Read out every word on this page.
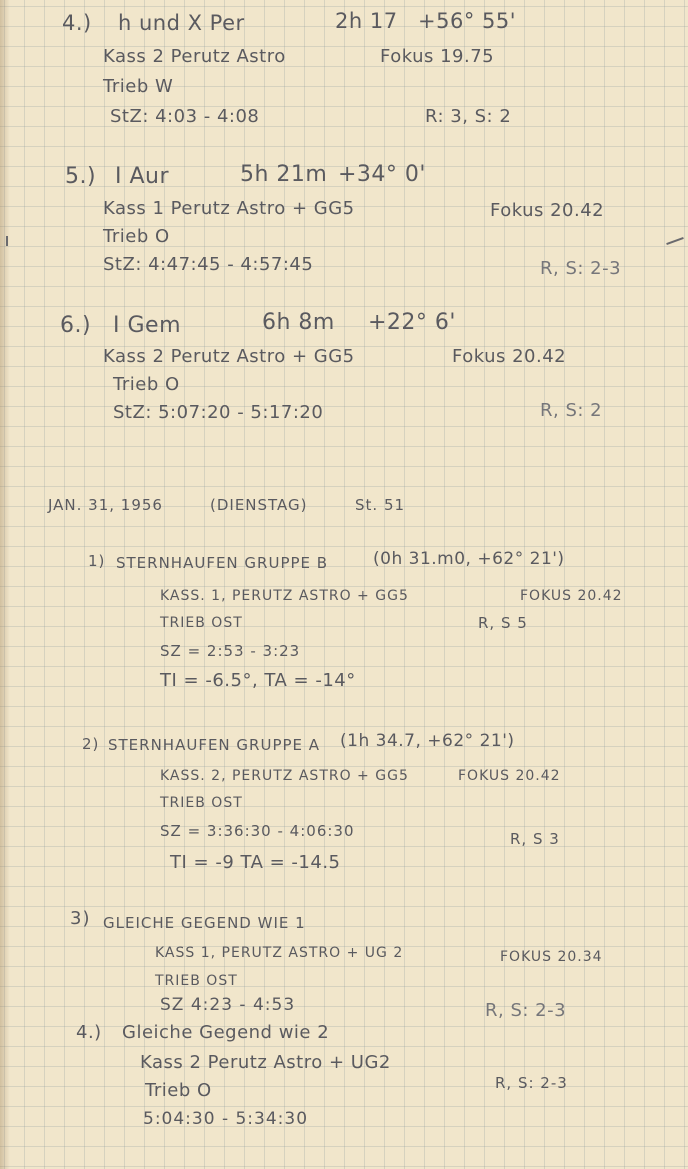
4.) h und X Per	2h 17 +56° 55'
Kass 2 Perutz Astro	Fokus 19.75
Trieb W
StZ: 4:03 - 4:08	R: 3, S: 2
5.) I Aur	5h 21m +34° 0'
Kass 1 Perutz Astro + GG5	Fokus 20.42
Trieb O
StZ: 4:47:45 - 4:57:45	R, S: 2-3
6.) I Gem	6h 8m +22° 6'
Kass 2 Perutz Astro + GG5	Fokus 20.42
Trieb O
StZ: 5:07:20 - 5:17:20	R, S: 2
JAN. 31, 1956	(DIENSTAG)	St. 51
1) STERNHAUFEN GRUPPE B	(0h 31.m0, +62° 21')
KASS. 1, PERUTZ ASTRO + GG5	FOKUS 20.42
TRIEB OST	R, S 5
SZ = 2:53 - 3:23
TI = -6.5°, TA = -14°
2) STERNHAUFEN GRUPPE A (1h 34.7, +62° 21')
KASS. 2, PERUTZ ASTRO + GG5	FOKUS 20.42
TRIEB OST
SZ = 3:36:30 - 4:06:30	R, S 3
TI = -9 TA = -14.5
3) GLEICHE GEGEND WIE 1
KASS 1, PERUTZ ASTRO + UG 2	FOKUS 20.34
TRIEB OST
SZ 4:23 - 4:53	R, S: 2-3
4.) Gleiche Gegend wie 2
Kass 2 Perutz Astro + UG2
Trieb O	R, S: 2-3
5:04:30 - 5:34:30
